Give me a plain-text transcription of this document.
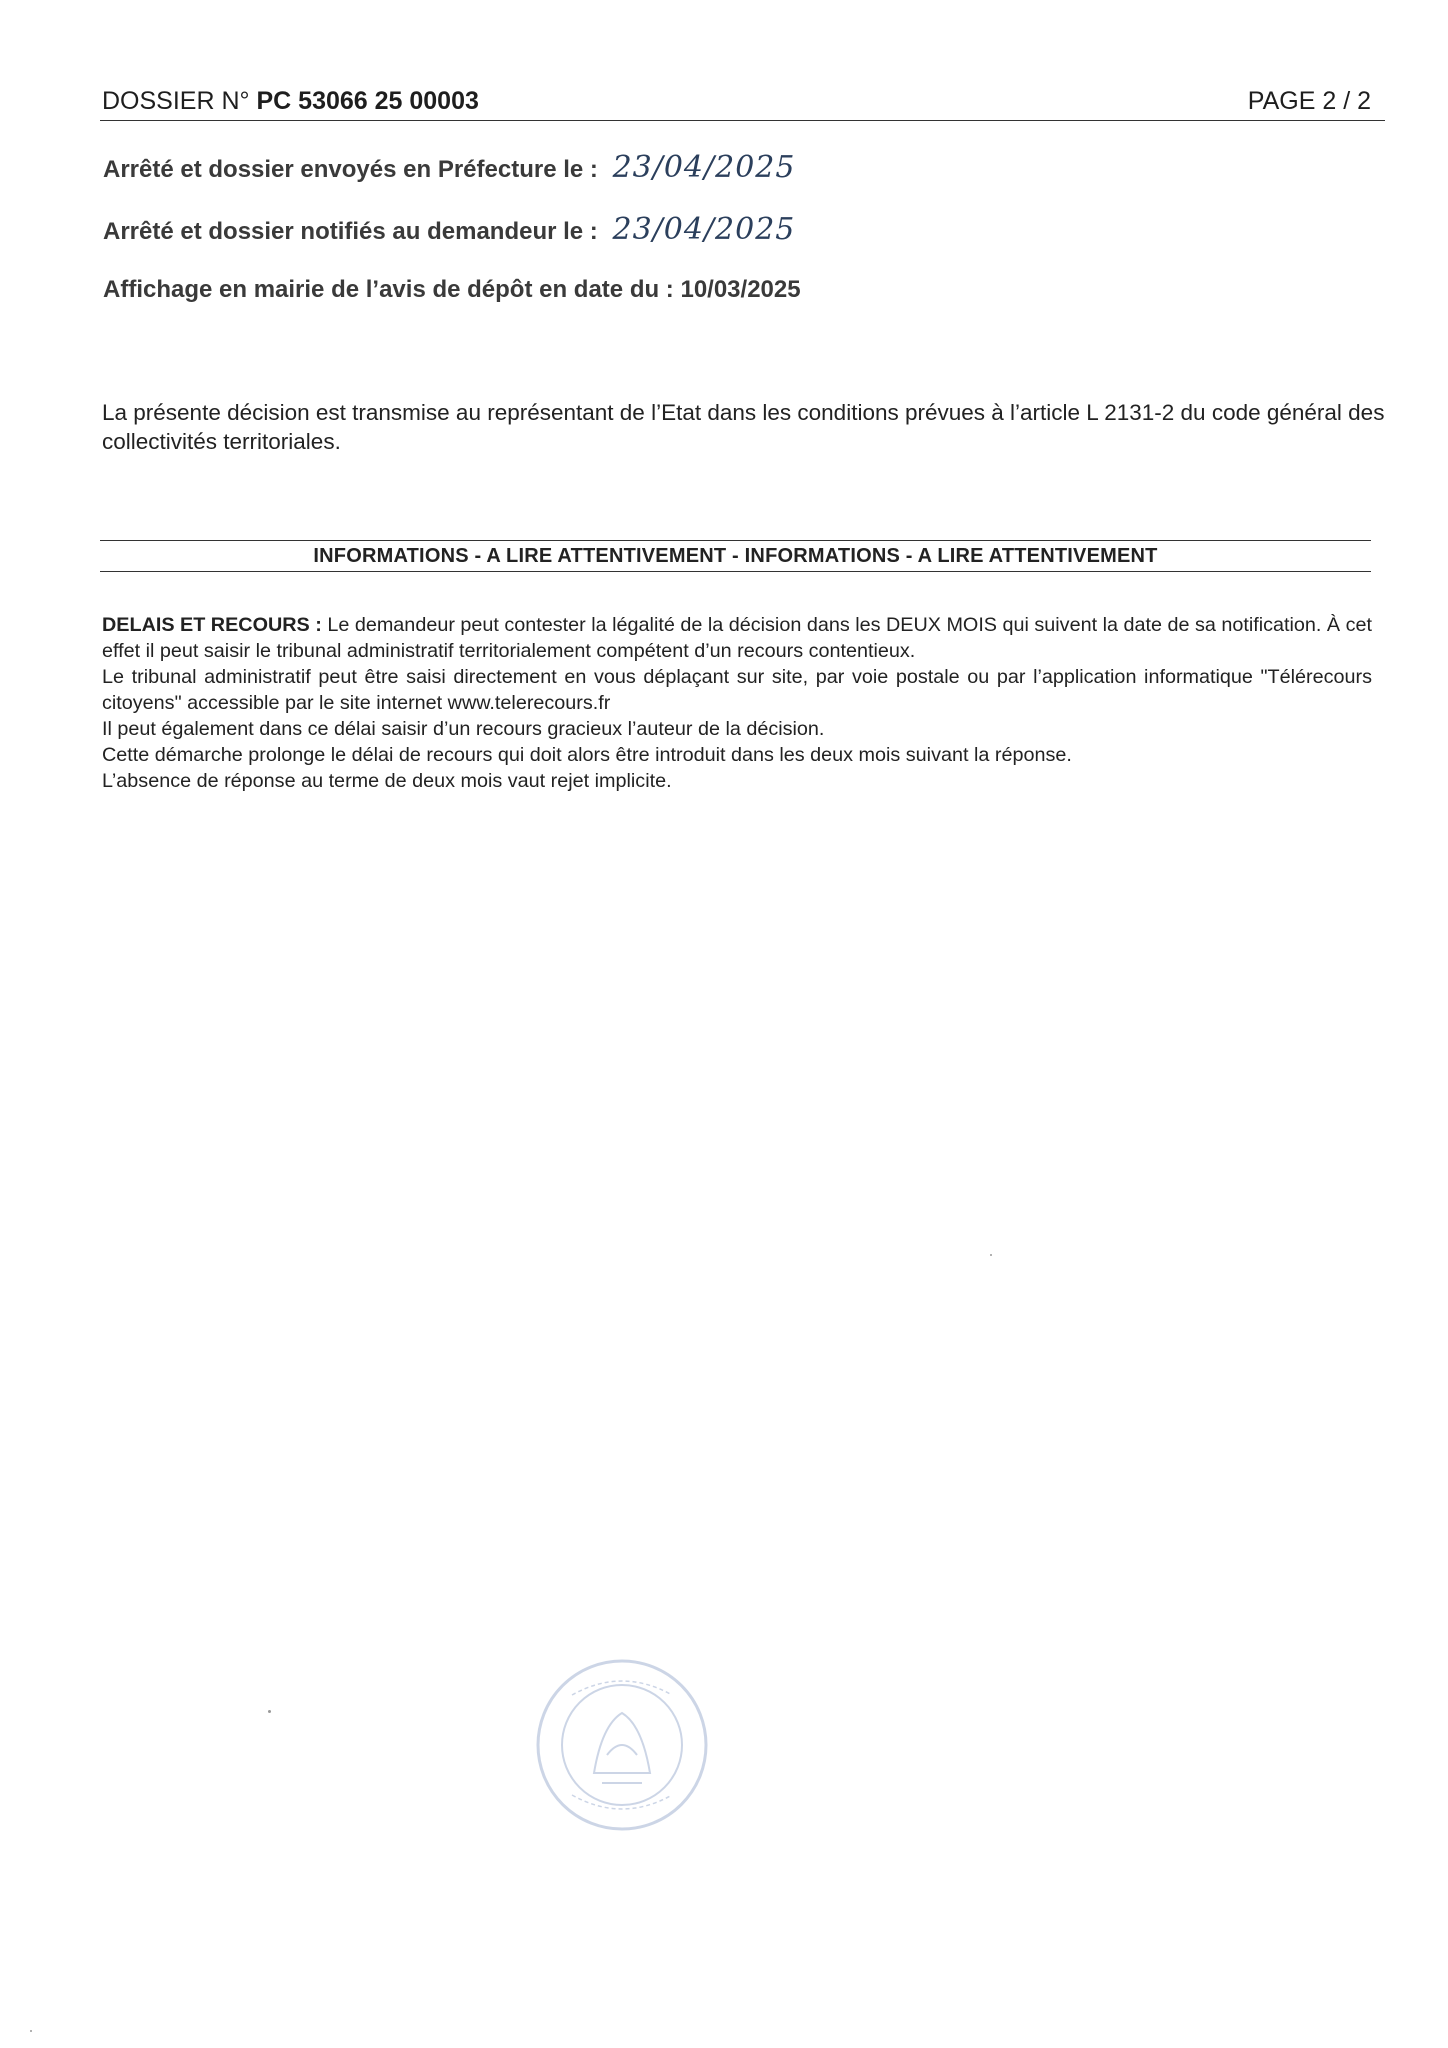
DOSSIER N° PC 53066 25 00003	PAGE 2 / 2
Arrêté et dossier envoyés en Préfecture le : 23/04/2025
Arrêté et dossier notifiés au demandeur le : 23/04/2025
Affichage en mairie de l’avis de dépôt en date du : 10/03/2025
La présente décision est transmise au représentant de l’Etat dans les conditions prévues à l’article L 2131-2 du code général des collectivités territoriales.
INFORMATIONS - A LIRE ATTENTIVEMENT - INFORMATIONS - A LIRE ATTENTIVEMENT

DELAIS ET RECOURS : Le demandeur peut contester la légalité de la décision dans les DEUX MOIS qui suivent la date de sa notification. À cet effet il peut saisir le tribunal administratif territorialement compétent d’un recours contentieux.

Le tribunal administratif peut être saisi directement en vous déplaçant sur site, par voie postale ou par l’application informatique "Télérecours citoyens" accessible par le site internet www.telerecours.fr

Il peut également dans ce délai saisir d’un recours gracieux l’auteur de la décision.

Cette démarche prolonge le délai de recours qui doit alors être introduit dans les deux mois suivant la réponse.

L’absence de réponse au terme de deux mois vaut rejet implicite.
